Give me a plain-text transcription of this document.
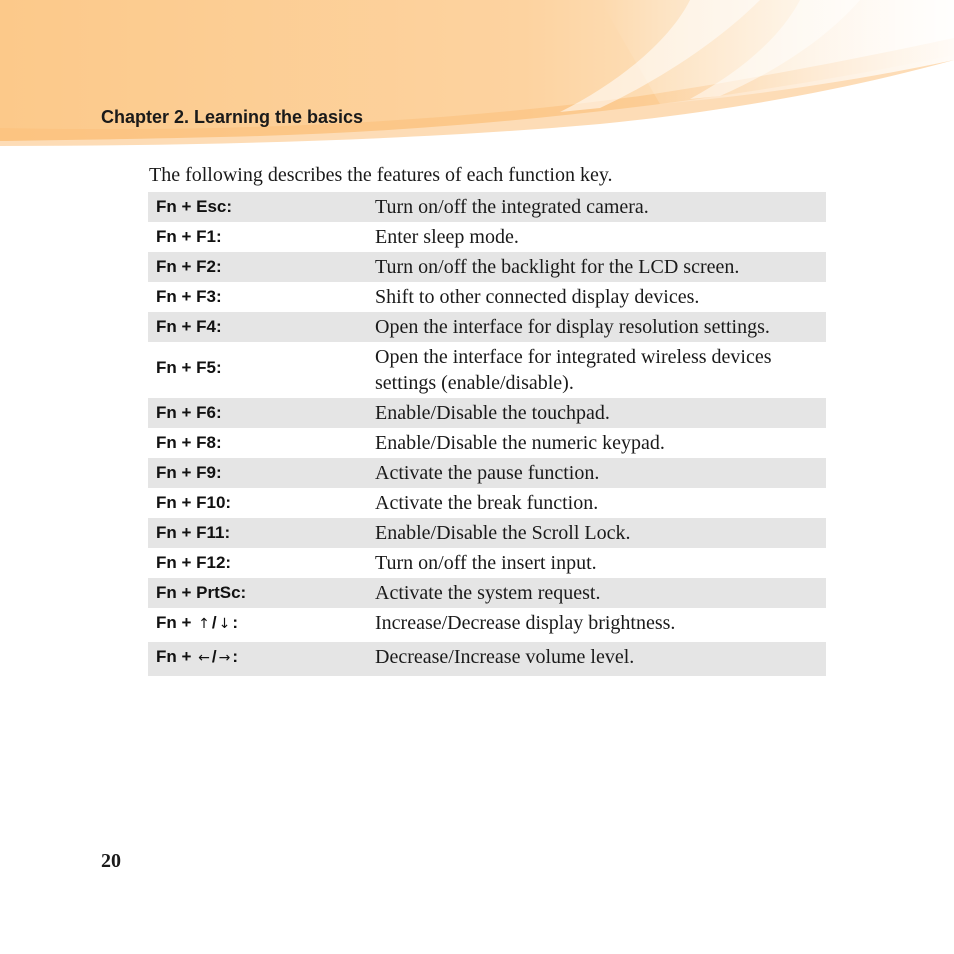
Chapter 2. Learning the basics
The following describes the features of each function key.
Fn + Esc:	Turn on/off the integrated camera.
Fn + F1:	Enter sleep mode.
Fn + F2:	Turn on/off the backlight for the LCD screen.
Fn + F3:	Shift to other connected display devices.
Fn + F4:	Open the interface for display resolution settings.
Fn + F5:	Open the interface for integrated wireless devices
settings (enable/disable).
Fn + F6:	Enable/Disable the touchpad.
Fn + F8:	Enable/Disable the numeric keypad.
Fn + F9:	Activate the pause function.
Fn + F10:	Activate the break function.
Fn + F11:	Enable/Disable the Scroll Lock.
Fn + F12:	Turn on/off the insert input.
Fn + PrtSc:	Activate the system request.
Fn + ↑ / ↓ :	Increase/Decrease display brightness.
Fn + ← / → :	Decrease/Increase volume level.
20
